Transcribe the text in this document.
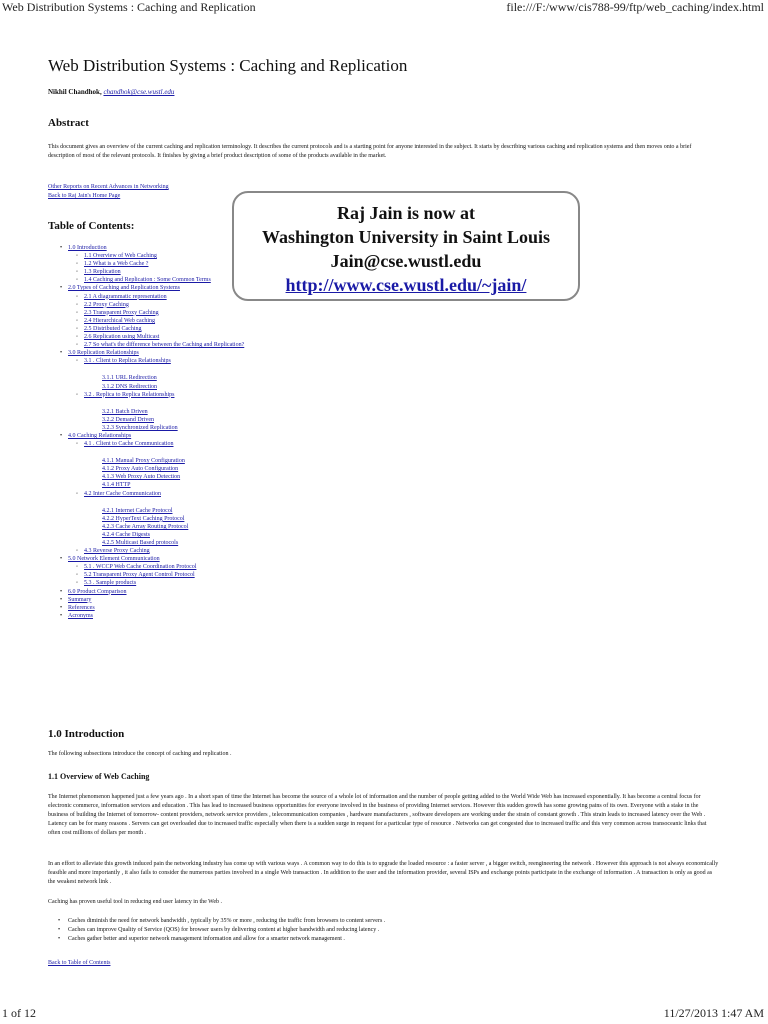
Web Distribution Systems : Caching and Replication	file:///F:/www/cis788-99/ftp/web_caching/index.html
Web Distribution Systems : Caching and Replication
Nikhil Chandhok, chandhok@cse.wustl.edu
Abstract
This document gives an overview of the current caching and replication terminology. It describes the current protocols and is a starting point for anyone interested in the subject. It starts by describing various caching and replication systems and then moves onto a brief description of most of the relevant protocols. It finishes by giving a brief product description of some of the products available in the market.
Other Reports on Recent Advances in Networking
Back to Raj Jain's Home Page
Table of Contents:
• 1.0 Introduction
◦ 1.1 Overview of Web Caching
◦ 1.2 What is a Web Cache ?
◦ 1.3 Replication
◦ 1.4 Caching and Replication : Some Common Terms
• 2.0 Types of Caching and Replication Systems
◦ 2.1 A diagrammatic representation
◦ 2.2 Proxy Caching
◦ 2.3 Transparent Proxy Caching
◦ 2.4 Hierarchical Web caching
◦ 2.5 Distributed Caching
◦ 2.6 Replication using Multicast
◦ 2.7 So what's the difference between the Caching and Replication?
• 3.0 Replication Relationships
◦ 3.1 . Client to Replica Relationships
3.1.1 URL Redirection
3.1.2 DNS Redirection
◦ 3.2 . Replica to Replica Relationships
3.2.1 Batch Driven
3.2.2 Demand Driven
3.2.3 Synchronized Replication
• 4.0 Caching Relationships
◦ 4.1 . Client to Cache Communication
4.1.1 Manual Proxy Configuration
4.1.2 Proxy Auto Configuration
4.1.3 Web Proxy Auto Detection
4.1.4 HTTP
◦ 4.2 Inter Cache Communication
4.2.1 Internet Cache Protocol
4.2.2 HyperText Caching Protocol
4.2.3 Cache Array Routing Protocol
4.2.4 Cache Digests
4.2.5 Multicast Based protocols
◦ 4.3 Reverse Proxy Caching
• 5.0 Network Element Communication
◦ 5.1 . WCCP Web Cache Coordination Protocol
◦ 5.2 Transparent Proxy Agent Control Protocol
◦ 5.3 . Sample products
• 6.0 Product Comparison
• Summary
• References
• Acronyms
1.0 Introduction
The following subsections introduce the concept of caching and replication .
1.1 Overview of Web Caching
The Internet phenomenon happened just a few years ago . In a short span of time the Internet has become the source of a whole lot of information and the number of people getting added to the World Wide Web has increased exponentially. It has become a central focus for electronic commerce, information services and education . This has lead to increased business opportunities for everyone involved in the business of providing Internet services. However this sudden growth has some growing pains of its own. Everyone with a stake in the business of building the Internet of tomorrow- content providers, network service providers , telecommunication companies , hardware manufacturers , software developers are working under the strain of constant growth . This strain leads to increased latency over the Web . Latency can be for many reasons . Servers can get overloaded due to increased traffic especially when there is a sudden surge in request for a particular type of resource . Networks can get congested due to increased traffic and this very common across transoceanic links that often cost millions of dollars per month .
In an effort to alleviate this growth induced pain the networking industry has come up with various ways . A common way to do this is to upgrade the loaded resource : a faster server , a bigger switch, reengineering the network . However this approach is not always economically feasible and more importantly , it also fails to consider the numerous parties involved in a single Web transaction . In addition to the user and the information provider, several ISPs and exchange points participate in the exchange of information . A transaction is only as good as the weakest network link .
Caching has proven useful tool in reducing end user latency in the Web .
• Caches diminish the need for network bandwidth , typically by 35% or more , reducing the traffic from browsers to content servers .
• Caches can improve Quality of Service (QOS) for browser users by delivering content at higher bandwidth and reducing latency .
• Caches gather better and superior network management information and allow for a smarter network management .
Back to Table of Contents
Raj Jain is now at
Washington University in Saint Louis
Jain@cse.wustl.edu
http://www.cse.wustl.edu/~jain/
1 of 12	11/27/2013 1:47 AM
